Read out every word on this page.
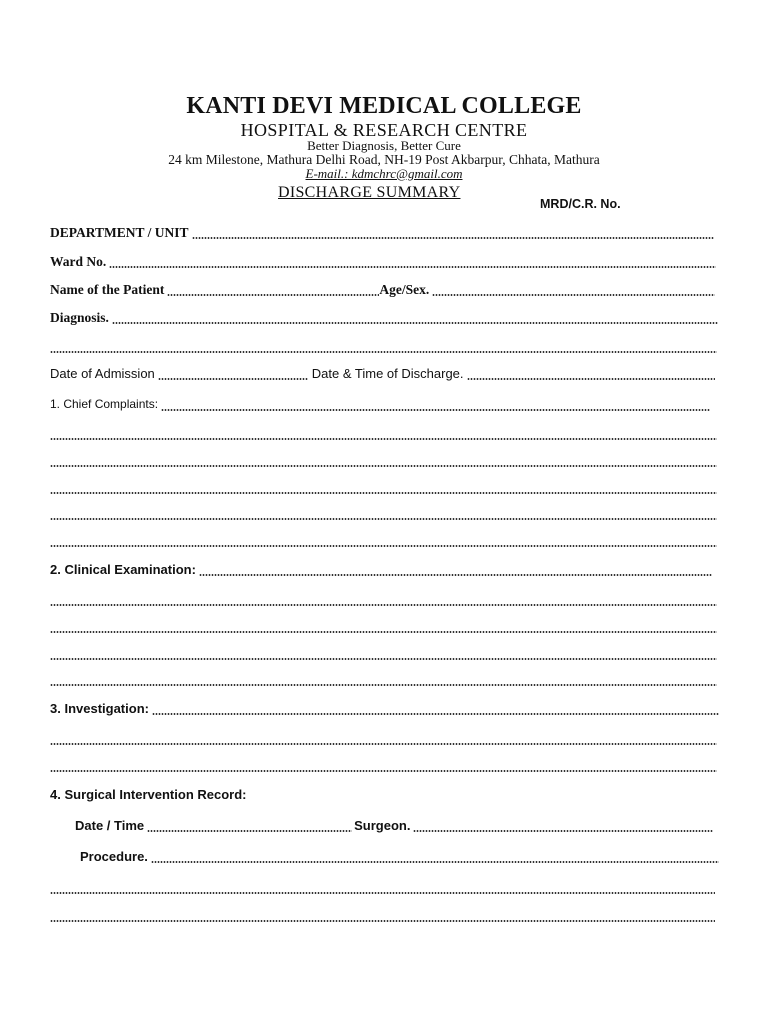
KANTI DEVI MEDICAL COLLEGE
HOSPITAL & RESEARCH CENTRE
Better Diagnosis, Better Cure
24 km Milestone, Mathura Delhi Road, NH-19 Post Akbarpur, Chhata, Mathura
E-mail.: kdmchrc@gmail.com
DISCHARGE SUMMARY
MRD/C.R. No.
DEPARTMENT / UNIT
Ward No.
Name of the Patient	Age/Sex.
Diagnosis.
Date of Admission	Date & Time of Discharge.
1. Chief Complaints:
2. Clinical Examination:
3. Investigation:
4. Surgical Intervention Record:
Date / Time	Surgeon.
Procedure.
